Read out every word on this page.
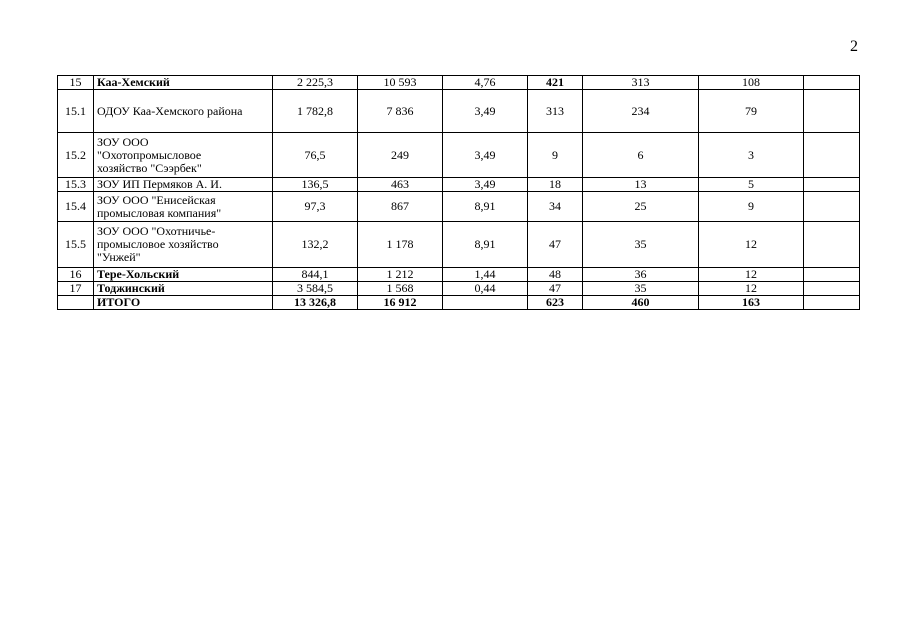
2
15	Каа-Хемский	2 225,3	10 593	4,76	421	313	108	
15.1	ОДОУ Каа-Хемского района	1 782,8	7 836	3,49	313	234	79	
15.2	ЗОУ ООО
"Охотопромысловое
хозяйство "Сээрбек"	76,5	249	3,49	9	6	3	
15.3	ЗОУ ИП Пермяков А. И.	136,5	463	3,49	18	13	5	
15.4	ЗОУ ООО "Енисейская
промысловая компания"	97,3	867	8,91	34	25	9	
15.5	ЗОУ ООО "Охотничье-
промысловое хозяйство
"Унжей"	132,2	1 178	8,91	47	35	12	
16	Тере-Хольский	844,1	1 212	1,44	48	36	12	
17	Тоджинский	3 584,5	1 568	0,44	47	35	12	
	ИТОГО	13 326,8	16 912		623	460	163	
